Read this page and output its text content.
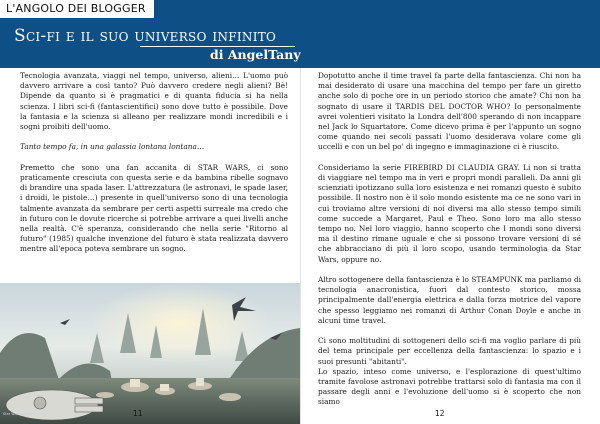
L'ANGOLO DEI BLOGGER
Sci-fi e il suo universo infinito
di AngelTany

Tecnologia avanzata, viaggi nel tempo, universo, alieni… L'uomo può davvero arrivare a così tanto? Può davvero credere negli alieni? Bè! Dipende da quanto si è pragmatici e di quanta fiducia si ha nella scienza. I libri sci-fi (fantascientifici) sono dove tutto è possibile. Dove la fantasia e la scienza si alleano per realizzare mondi incredibili e i sogni proibiti dell'uomo.

Tanto tempo fa, in una galassia lontana lontana…

Premetto che sono una fan accanita di STAR WARS, ci sono praticamente cresciuta con questa serie e da bambina ribelle sognavo di brandire una spada laser. L'attrezzatura (le astronavi, le spade laser, i droidi, le pistole…) presente in quell'universo sono di una tecnologia talmente avanzata da sembrare per certi aspetti surreale ma credo che in futuro con le dovute ricerche si potrebbe arrivare a quei livelli anche nella realtà. C'è speranza, considerando che nella serie "Ritorno al futuro" (1985) qualche invenzione del futuro è stata realizzata davvero mentre all'epoca poteva sembrare un sogno.

Star Wars: Galaxy's Edge	11

Dopotutto anche il time travel fa parte della fantascienza. Chi non ha mai desiderato di usare una macchina del tempo per fare un giretto anche solo di poche ore in un periodo storico che amate? Chi non ha sognato di usare il TARDIS DEL DOCTOR WHO? Io personalmente avrei volentieri visitato la Londra dell'800 sperando di non incappare nel Jack lo Squartatore. Come dicevo prima è per l'appunto un sogno come quando nei secoli passati l'uomo desiderava volare come gli uccelli e con un bel po' di ingegno e immaginazione ci è riuscito.

Consideriamo la serie FIREBIRD DI CLAUDIA GRAY. Li non si tratta di viaggiare nel tempo ma in veri e propri mondi paralleli. Da anni gli scienziati ipotizzano sulla loro esistenza e nei romanzi questo è subito possibile. Il nostro non è il solo mondo esistente ma ce ne sono vari in cui troviamo altre versioni di noi diversi ma allo stesso tempo simili come succede a Margaret, Paul e Theo. Sono loro ma allo stesso tempo no. Nel loro viaggio, hanno scoperto che I mondi sono diversi ma il destino rimane uguale e che si possono trovare versioni di sé che abbracciano di più il loro scopo, usando terminologia da Star Wars, oppure no.

Altro sottogenere della fantascienza è lo STEAMPUNK ma parliamo di tecnologia anacronistica, fuori dal contesto storico, mossa principalmente dall'energia elettrica e dalla forza motrice del vapore che spesso leggiamo nei romanzi di Arthur Conan Doyle e anche in alcuni time travel.

Ci sono moltitudini di sottogeneri dello sci-fi ma voglio parlare di più del tema principale per eccellenza della fantascienza: lo spazio e i suoi presunti "abitanti".
Lo spazio, inteso come universo, e l'esplorazione di quest'ultimo tramite favolose astronavi potrebbe trattarsi solo di fantasia ma con il passare degli anni e l'evoluzione dell'uomo si è scoperto che non siamo

12
